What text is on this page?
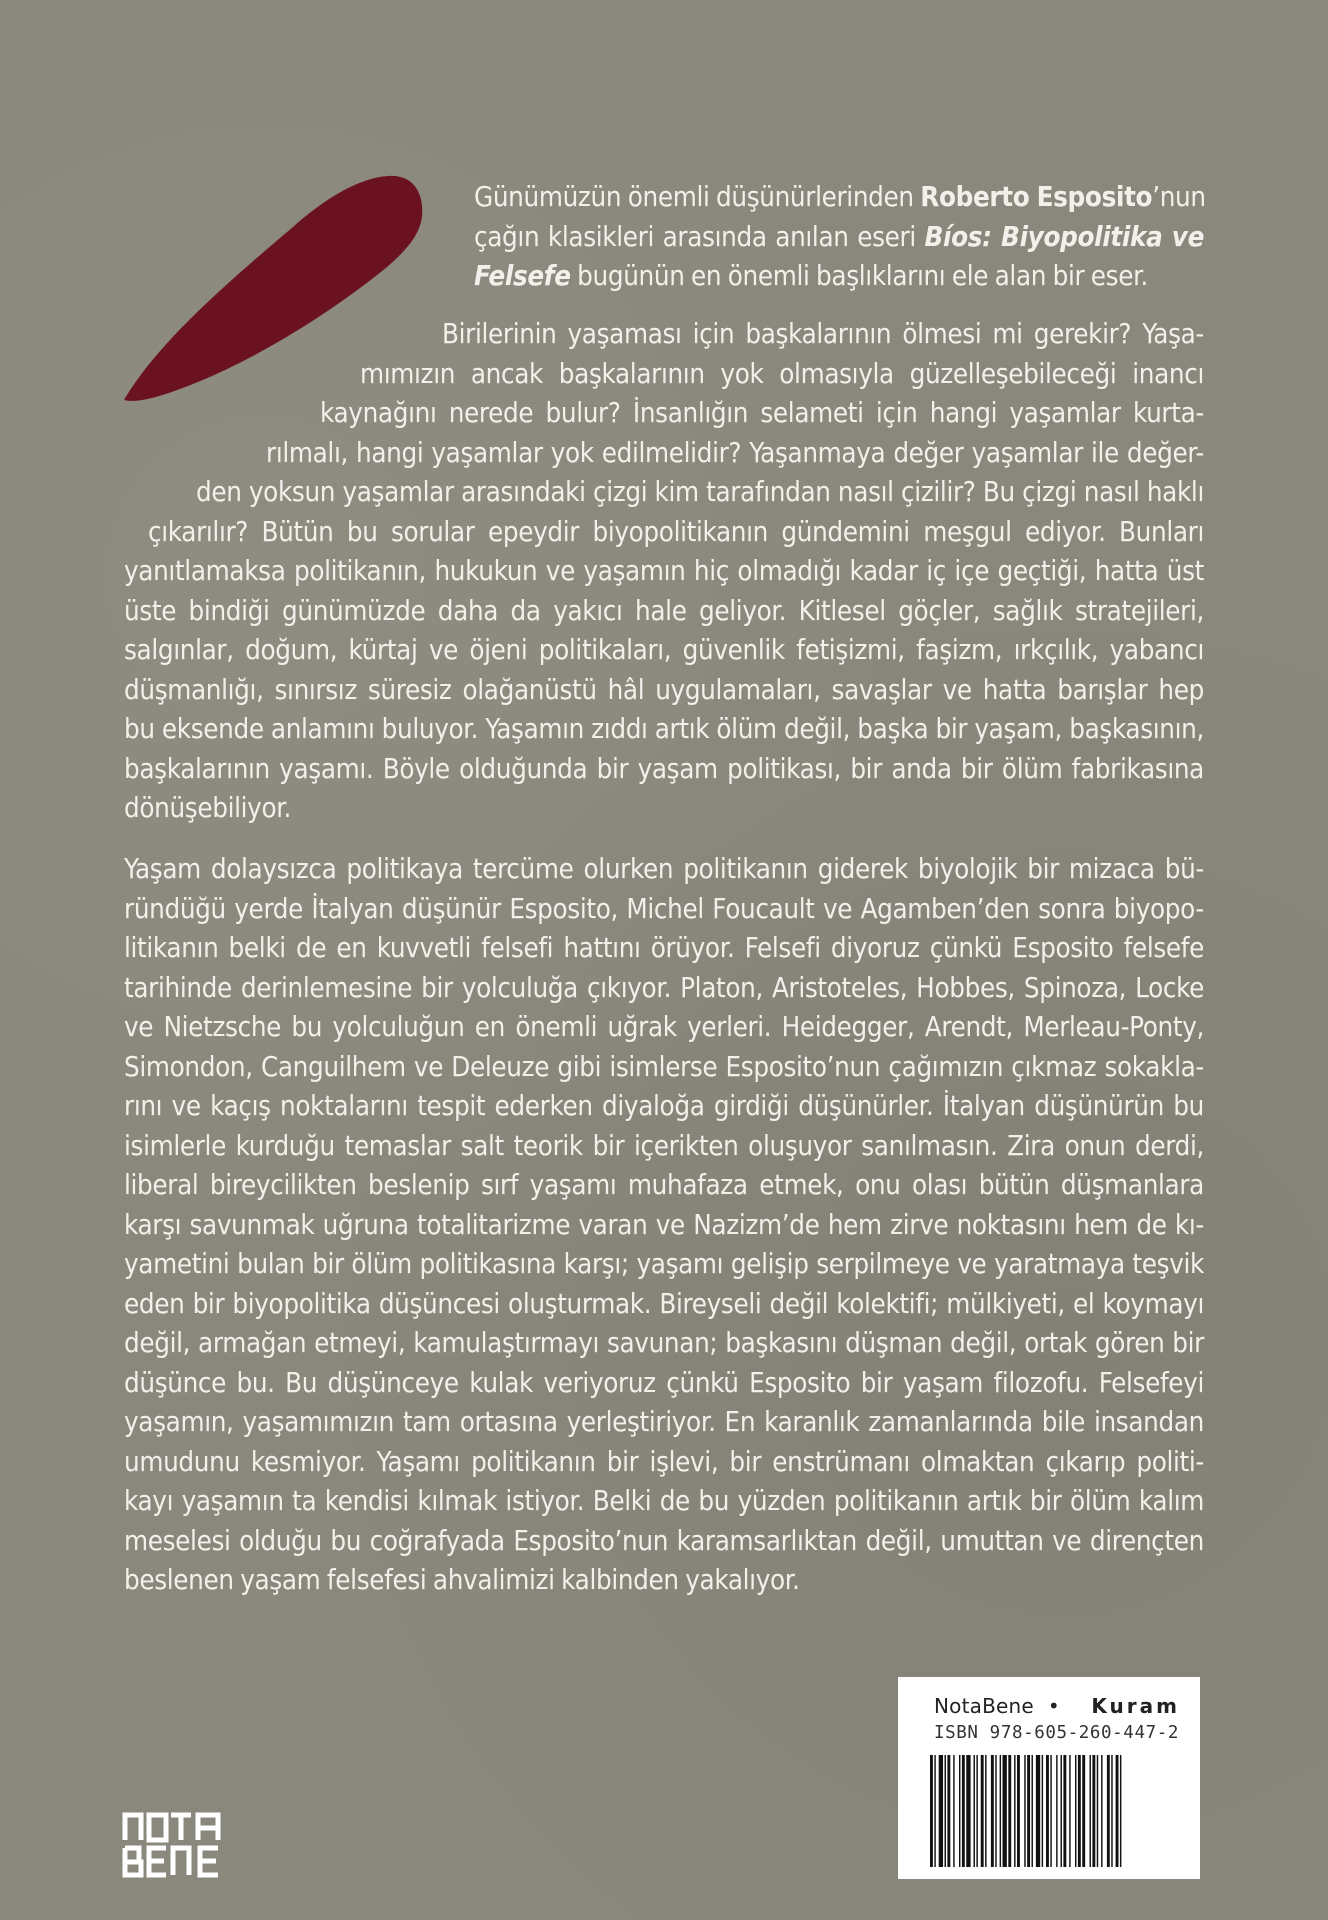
Günümüzün önemli düşünürlerinden Roberto Esposito’nun
çağın klasikleri arasında anılan eseri Bíos: Biyopolitika ve
Felsefe bugünün en önemli başlıklarını ele alan bir eser.

Birilerinin yaşaması için başkalarının ölmesi mi gerekir? Yaşa-
mımızın ancak başkalarının yok olmasıyla güzelleşebileceği inancı
kaynağını nerede bulur? İnsanlığın selameti için hangi yaşamlar kurta-
rılmalı, hangi yaşamlar yok edilmelidir? Yaşanmaya değer yaşamlar ile değer-
den yoksun yaşamlar arasındaki çizgi kim tarafından nasıl çizilir? Bu çizgi nasıl haklı
çıkarılır? Bütün bu sorular epeydir biyopolitikanın gündemini meşgul ediyor. Bunları
yanıtlamaksa politikanın, hukukun ve yaşamın hiç olmadığı kadar iç içe geçtiği, hatta üst
üste bindiği günümüzde daha da yakıcı hale geliyor. Kitlesel göçler, sağlık stratejileri,
salgınlar, doğum, kürtaj ve öjeni politikaları, güvenlik fetişizmi, faşizm, ırkçılık, yabancı
düşmanlığı, sınırsız süresiz olağanüstü hâl uygulamaları, savaşlar ve hatta barışlar hep
bu eksende anlamını buluyor. Yaşamın zıddı artık ölüm değil, başka bir yaşam, başkasının,
başkalarının yaşamı. Böyle olduğunda bir yaşam politikası, bir anda bir ölüm fabrikasına
dönüşebiliyor.

Yaşam dolaysızca politikaya tercüme olurken politikanın giderek biyolojik bir mizaca bü-
ründüğü yerde İtalyan düşünür Esposito, Michel Foucault ve Agamben’den sonra biyopo-
litikanın belki de en kuvvetli felsefi hattını örüyor. Felsefi diyoruz çünkü Esposito felsefe
tarihinde derinlemesine bir yolculuğa çıkıyor. Platon, Aristoteles, Hobbes, Spinoza, Locke
ve Nietzsche bu yolculuğun en önemli uğrak yerleri. Heidegger, Arendt, Merleau-Ponty,
Simondon, Canguilhem ve Deleuze gibi isimlerse Esposito’nun çağımızın çıkmaz sokakla-
rını ve kaçış noktalarını tespit ederken diyaloğa girdiği düşünürler. İtalyan düşünürün bu
isimlerle kurduğu temaslar salt teorik bir içerikten oluşuyor sanılmasın. Zira onun derdi,
liberal bireycilikten beslenip sırf yaşamı muhafaza etmek, onu olası bütün düşmanlara
karşı savunmak uğruna totalitarizme varan ve Nazizm’de hem zirve noktasını hem de kı-
yametini bulan bir ölüm politikasına karşı; yaşamı gelişip serpilmeye ve yaratmaya teşvik
eden bir biyopolitika düşüncesi oluşturmak. Bireyseli değil kolektifi; mülkiyeti, el koymayı
değil, armağan etmeyi, kamulaştırmayı savunan; başkasını düşman değil, ortak gören bir
düşünce bu. Bu düşünceye kulak veriyoruz çünkü Esposito bir yaşam filozofu. Felsefeyi
yaşamın, yaşamımızın tam ortasına yerleştiriyor. En karanlık zamanlarında bile insandan
umudunu kesmiyor. Yaşamı politikanın bir işlevi, bir enstrümanı olmaktan çıkarıp politi-
kayı yaşamın ta kendisi kılmak istiyor. Belki de bu yüzden politikanın artık bir ölüm kalım
meselesi olduğu bu coğrafyada Esposito’nun karamsarlıktan değil, umuttan ve dirençten
beslenen yaşam felsefesi ahvalimizi kalbinden yakalıyor.

NotaBene • Kuram
ISBN 978-605-260-447-2
NOTA
